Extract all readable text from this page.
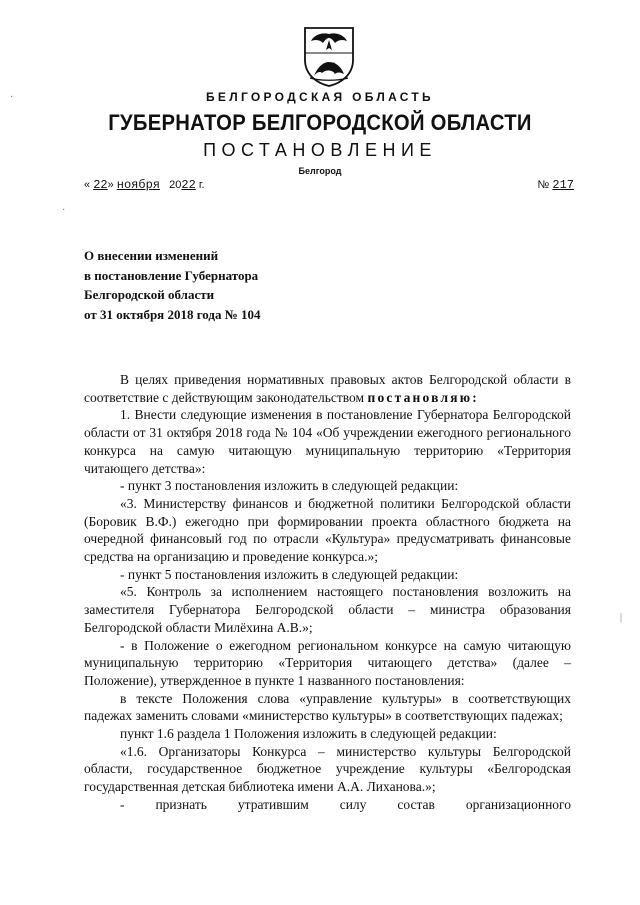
БЕЛГОРОДСКАЯ ОБЛАСТЬ
ГУБЕРНАТОР БЕЛГОРОДСКОЙ ОБЛАСТИ
ПОСТАНОВЛЕНИЕ
Белгород
« 22» ноября 2022 г.	№ 217
О внесении изменений
в постановление Губернатора
Белгородской области
от 31 октября 2018 года № 104

В целях приведения нормативных правовых актов Белгородской области в соответствие с действующим законодательством постановляю:

1. Внести следующие изменения в постановление Губернатора Белгородской области от 31 октября 2018 года № 104 «Об учреждении ежегодного регионального конкурса на самую читающую муниципальную территорию «Территория читающего детства»:

- пункт 3 постановления изложить в следующей редакции:

«3. Министерству финансов и бюджетной политики Белгородской области (Боровик В.Ф.) ежегодно при формировании проекта областного бюджета на очередной финансовый год по отрасли «Культура» предусматривать финансовые средства на организацию и проведение конкурса.»;

- пункт 5 постановления изложить в следующей редакции:

«5. Контроль за исполнением настоящего постановления возложить на заместителя Губернатора Белгородской области – министра образования Белгородской области Милёхина А.В.»;

- в Положение о ежегодном региональном конкурсе на самую читающую муниципальную территорию «Территория читающего детства» (далее – Положение), утвержденное в пункте 1 названного постановления:

в тексте Положения слова «управление культуры» в соответствующих падежах заменить словами «министерство культуры» в соответствующих падежах;

пункт 1.6 раздела 1 Положения изложить в следующей редакции:

«1.6. Организаторы Конкурса – министерство культуры Белгородской области, государственное бюджетное учреждение культуры «Белгородская государственная детская библиотека имени А.А. Лиханова.»;

- признать утратившим силу состав организационного

|
·
·
